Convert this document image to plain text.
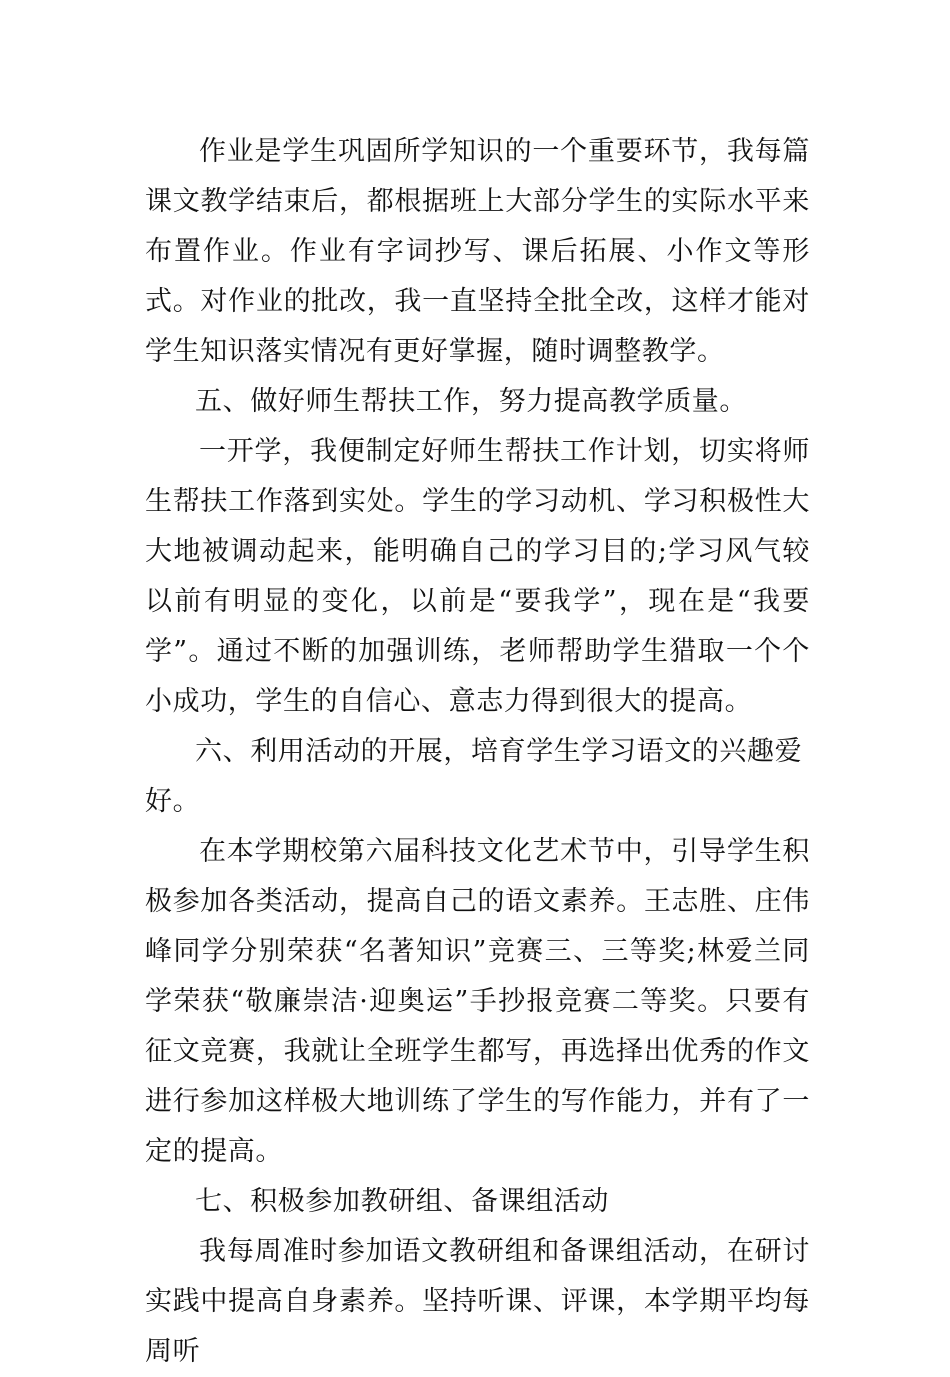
作业是学生巩固所学知识的一个重要环节，我每篇课文教学结束后，都根据班上大部分学生的实际水平来布置作业。作业有字词抄写、课后拓展、小作文等形式。对作业的批改，我一直坚持全批全改，这样才能对学生知识落实情况有更好掌握，随时调整教学。

五、做好师生帮扶工作，努力提高教学质量。

一开学，我便制定好师生帮扶工作计划，切实将师生帮扶工作落到实处。学生的学习动机、学习积极性大大地被调动起来，能明确自己的学习目的;学习风气较以前有明显的变化，以前是“要我学”，现在是“我要学”。通过不断的加强训练，老师帮助学生猎取一个个小成功，学生的自信心、意志力得到很大的提高。

六、利用活动的开展，培育学生学习语文的兴趣爱好。

在本学期校第六届科技文化艺术节中，引导学生积极参加各类活动，提高自己的语文素养。王志胜、庄伟峰同学分别荣获“名著知识”竞赛三、三等奖;林爱兰同学荣获“敬廉崇洁·迎奥运”手抄报竞赛二等奖。只要有征文竞赛，我就让全班学生都写，再选择出优秀的作文进行参加这样极大地训练了学生的写作能力，并有了一定的提高。

七、积极参加教研组、备课组活动

我每周准时参加语文教研组和备课组活动，在研讨实践中提高自身素养。坚持听课、评课，本学期平均每周听
